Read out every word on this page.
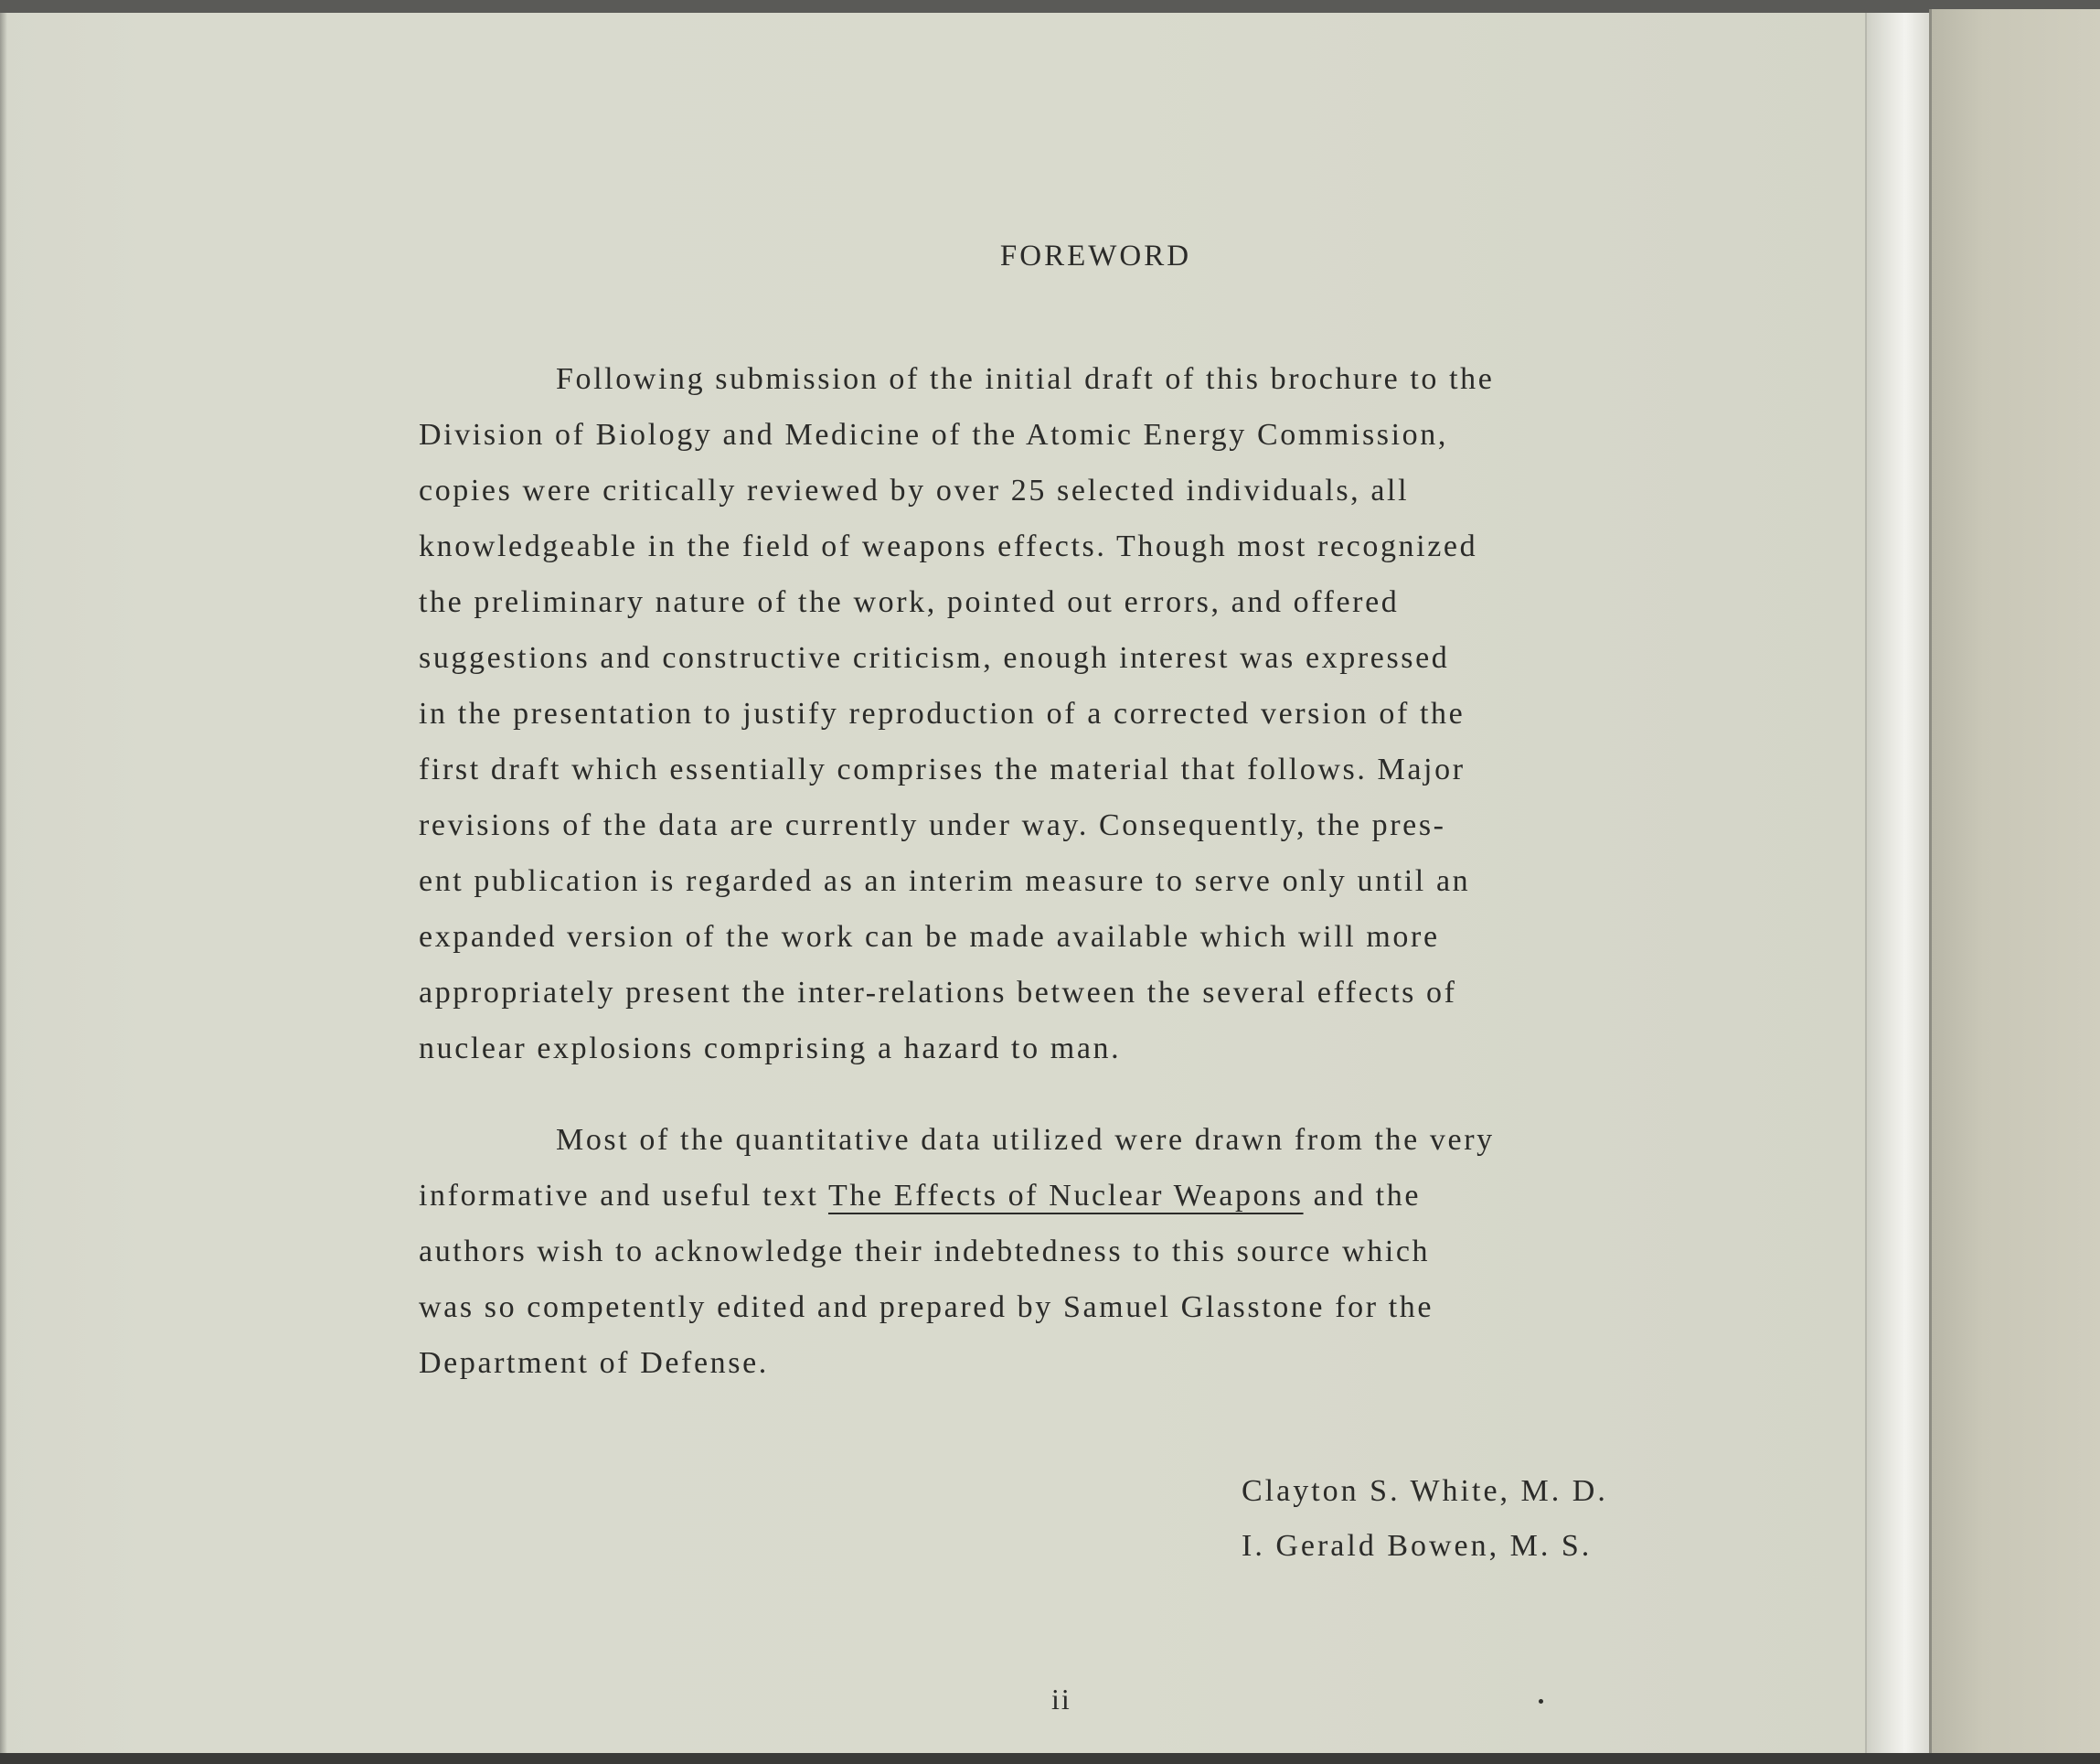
FOREWORD

Following submission of the initial draft of this brochure to the

Division of Biology and Medicine of the Atomic Energy Commission,

copies were critically reviewed by over 25 selected individuals, all

knowledgeable in the field of weapons effects. Though most recognized

the preliminary nature of the work, pointed out errors, and offered

suggestions and constructive criticism, enough interest was expressed

in the presentation to justify reproduction of a corrected version of the

first draft which essentially comprises the material that follows. Major

revisions of the data are currently under way. Consequently, the pres-

ent publication is regarded as an interim measure to serve only until an

expanded version of the work can be made available which will more

appropriately present the inter-relations between the several effects of

nuclear explosions comprising a hazard to man.

Most of the quantitative data utilized were drawn from the very

informative and useful text The Effects of Nuclear Weapons and the

authors wish to acknowledge their indebtedness to this source which

was so competently edited and prepared by Samuel Glasstone for the

Department of Defense.

Clayton S. White, M. D.

I. Gerald Bowen, M. S.

ii
